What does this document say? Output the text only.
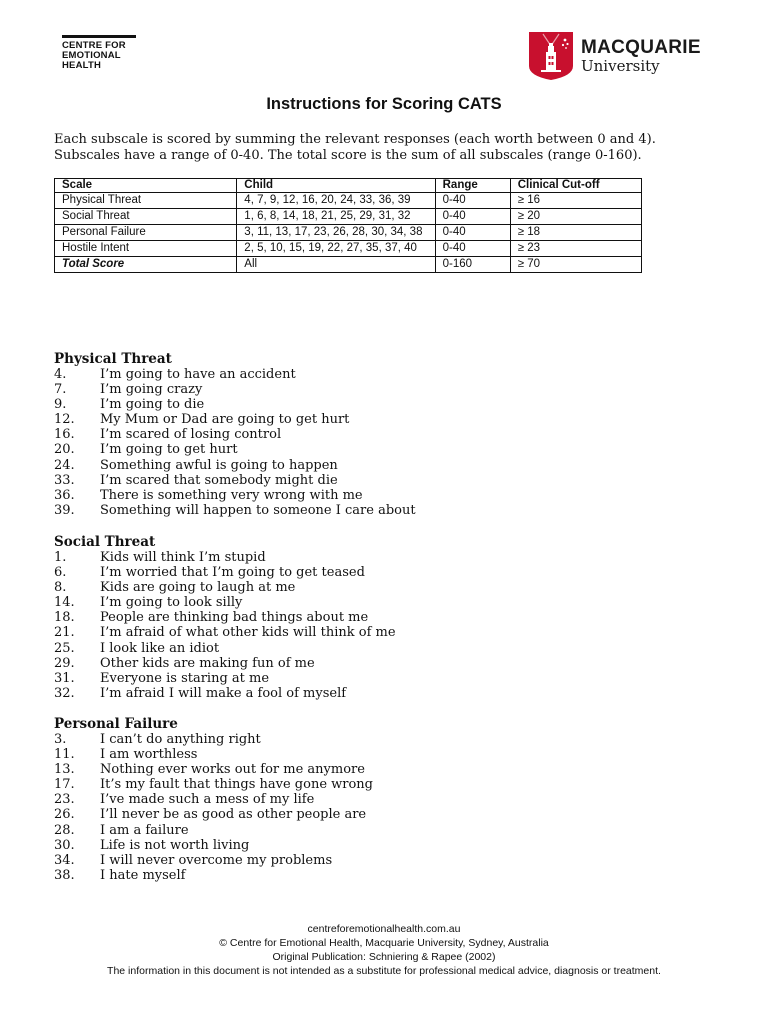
CENTRE FOR
EMOTIONAL
HEALTH
MACQUARIE
University
Instructions for Scoring CATS
Each subscale is scored by summing the relevant responses (each worth between 0 and 4). Subscales have a range of 0-40. The total score is the sum of all subscales (range 0-160).
Scale	Child	Range	Clinical Cut-off
Physical Threat	4, 7, 9, 12, 16, 20, 24, 33, 36, 39	0-40	≥ 16
Social Threat	1, 6, 8, 14, 18, 21, 25, 29, 31, 32	0-40	≥ 20
Personal Failure	3, 11, 13, 17, 23, 26, 28, 30, 34, 38	0-40	≥ 18
Hostile Intent	2, 5, 10, 15, 19, 22, 27, 35, 37, 40	0-40	≥ 23
Total Score	All	0-160	≥ 70
Physical Threat
4.	I’m going to have an accident
7.	I’m going crazy
9.	I’m going to die
12.	My Mum or Dad are going to get hurt
16.	I’m scared of losing control
20.	I’m going to get hurt
24.	Something awful is going to happen
33.	I’m scared that somebody might die
36.	There is something very wrong with me
39.	Something will happen to someone I care about
Social Threat
1.	Kids will think I’m stupid
6.	I’m worried that I’m going to get teased
8.	Kids are going to laugh at me
14.	I’m going to look silly
18.	People are thinking bad things about me
21.	I’m afraid of what other kids will think of me
25.	I look like an idiot
29.	Other kids are making fun of me
31.	Everyone is staring at me
32.	I’m afraid I will make a fool of myself
Personal Failure
3.	I can’t do anything right
11.	I am worthless
13.	Nothing ever works out for me anymore
17.	It’s my fault that things have gone wrong
23.	I’ve made such a mess of my life
26.	I’ll never be as good as other people are
28.	I am a failure
30.	Life is not worth living
34.	I will never overcome my problems
38.	I hate myself
centreforemotionalhealth.com.au
© Centre for Emotional Health, Macquarie University, Sydney, Australia
Original Publication: Schniering & Rapee (2002)
The information in this document is not intended as a substitute for professional medical advice, diagnosis or treatment.
